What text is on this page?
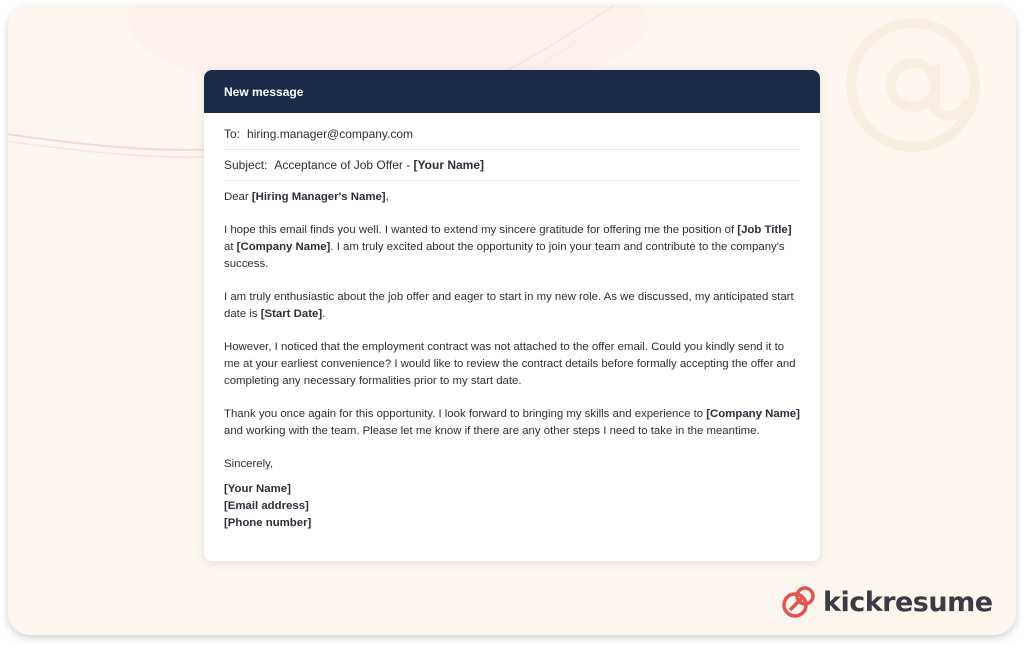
New message
To: hiring.manager@company.com
Subject: Acceptance of Job Offer - [Your Name]

Dear [Hiring Manager's Name],

I hope this email finds you well. I wanted to extend my sincere gratitude for offering me the position of [Job Title] at [Company Name]. I am truly excited about the opportunity to join your team and contribute to the company's success.

I am truly enthusiastic about the job offer and eager to start in my new role. As we discussed, my anticipated start date is [Start Date].

However, I noticed that the employment contract was not attached to the offer email. Could you kindly send it to me at your earliest convenience? I would like to review the contract details before formally accepting the offer and completing any necessary formalities prior to my start date.

Thank you once again for this opportunity. I look forward to bringing my skills and experience to [Company Name] and working with the team. Please let me know if there are any other steps I need to take in the meantime.

Sincerely,

[Your Name]
[Email address]
[Phone number]
kickresume
